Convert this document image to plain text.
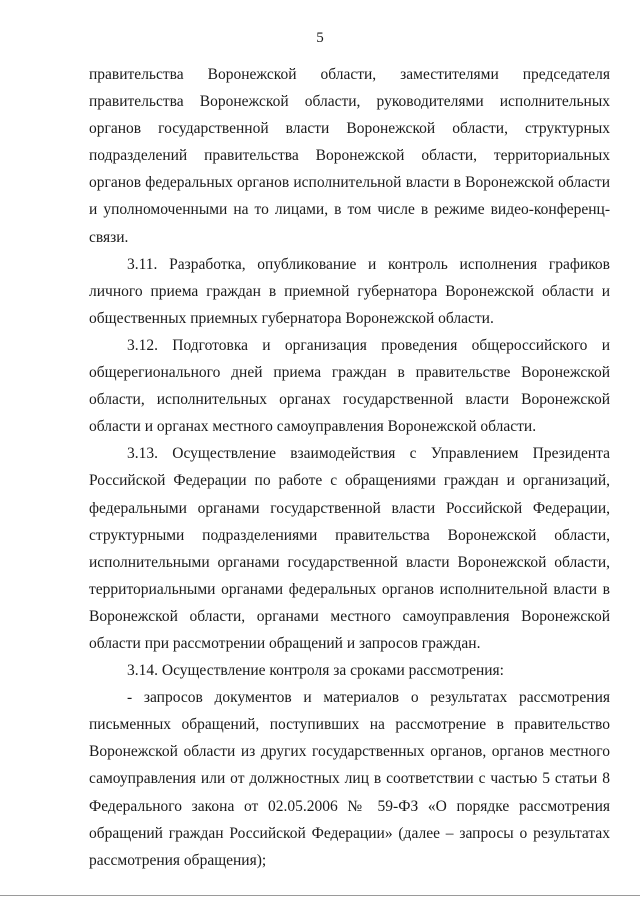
5

правительства Воронежской области, заместителями председателя правительства Воронежской области, руководителями исполнительных органов государственной власти Воронежской области, структурных подразделений правительства Воронежской области, территориальных органов федеральных органов исполнительной власти в Воронежской области и уполномоченными на то лицами, в том числе в режиме видео-конференц-связи.

3.11. Разработка, опубликование и контроль исполнения графиков личного приема граждан в приемной губернатора Воронежской области и общественных приемных губернатора Воронежской области.

3.12. Подготовка и организация проведения общероссийского и общерегионального дней приема граждан в правительстве Воронежской области, исполнительных органах государственной власти Воронежской области и органах местного самоуправления Воронежской области.

3.13. Осуществление взаимодействия с Управлением Президента Российской Федерации по работе с обращениями граждан и организаций, федеральными органами государственной власти Российской Федерации, структурными подразделениями правительства Воронежской области, исполнительными органами государственной власти Воронежской области, территориальными органами федеральных органов исполнительной власти в Воронежской области, органами местного самоуправления Воронежской области при рассмотрении обращений и запросов граждан.

3.14. Осуществление контроля за сроками рассмотрения:

- запросов документов и материалов о результатах рассмотрения письменных обращений, поступивших на рассмотрение в правительство Воронежской области из других государственных органов, органов местного самоуправления или от должностных лиц в соответствии с частью 5 статьи 8 Федерального закона от 02.05.2006 № 59-ФЗ «О порядке рассмотрения обращений граждан Российской Федерации» (далее – запросы о результатах рассмотрения обращения);
